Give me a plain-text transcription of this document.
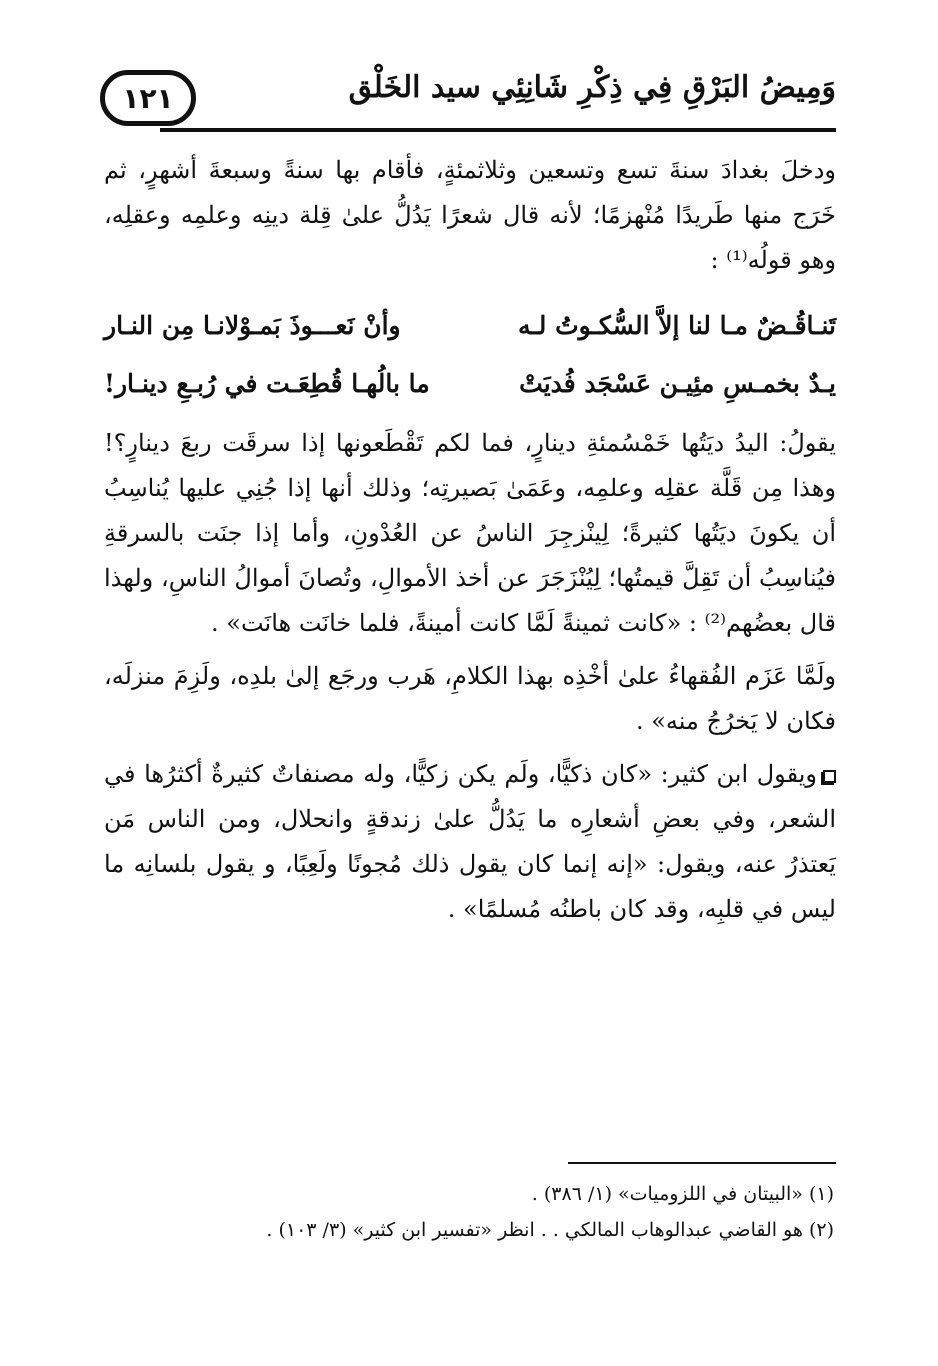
١٢١	وَمِيضُ البَرْقِ فِي ذِكْرِ شَانِئِي سيد الخَلْق

ودخلَ بغدادَ سنةَ تسع وتسعين وثلاثمئةٍ، فأقام بها سنةً وسبعةَ أشهرٍ، ثم خَرَج منها طَريدًا مُنْهزمًا؛ لأنه قال شعرًا يَدُلُّ علىٰ قِلة دينِه وعلمِه وعقلِه، وهو قولُه⁽¹⁾ :

تَنـاقُـضٌ مـا لنا إلاَّ السُّكـوتُ لـه
وأنْ نَعـــوذَ بَمـوْلانـا مِن النـار
يـدٌ بخمـسِ مئِيـن عَسْجَد فُديَتْ
ما بالُهـا قُطِعَـت في رُبـعِ دينـار!

يقولُ: اليدُ ديَتُها خَمْسُمئةِ دينارٍ، فما لكم تَقْطَعونها إذا سرقَت ربعَ دينارٍ؟! وهذا مِن قَلَّة عقلِه وعلمِه، وعَمَىٰ بَصيرتِه؛ وذلك أنها إذا جُنِي عليها يُناسِبُ أن يكونَ ديَتُها كثيرةً؛ لِينْزجِرَ الناسُ عن العُدْونِ، وأما إذا جنَت بالسرقةِ فيُناسِبُ أن تَقِلَّ قيمتُها؛ لِيُنْزَجَرَ عن أخذ الأموالِ، وتُصانَ أموالُ الناسِ، ولهذا قال بعضُهم⁽²⁾ : «كانت ثمينةً لَمَّا كانت أمينةً، فلما خانَت هانَت» .

ولَمَّا عَزَم الفُقهاءُ علىٰ أخْذِه بهذا الكلامِ، هَرب ورجَع إلىٰ بلدِه، ولَزِمَ منزلَه، فكان لا يَخرُجُ منه» .

ويقول ابن كثير: «كان ذكيًّا، ولَم يكن زكيًّا، وله مصنفاتٌ كثيرةٌ أكثرُها في الشعر، وفي بعضِ أشعارِه ما يَدُلُّ علىٰ زندقةٍ وانحلال، ومن الناس مَن يَعتذرُ عنه، ويقول: «إنه إنما كان يقول ذلك مُجونًا ولَعِبًا، و يقول بلسانِه ما ليس في قلبِه، وقد كان باطنُه مُسلمًا» .

(١) «البيتان في اللزوميات» (١/ ٣٨٦) .

(٢) هو القاضي عبدالوهاب المالكي . . انظر «تفسير ابن كثير» (٣/ ١٠٣) .
